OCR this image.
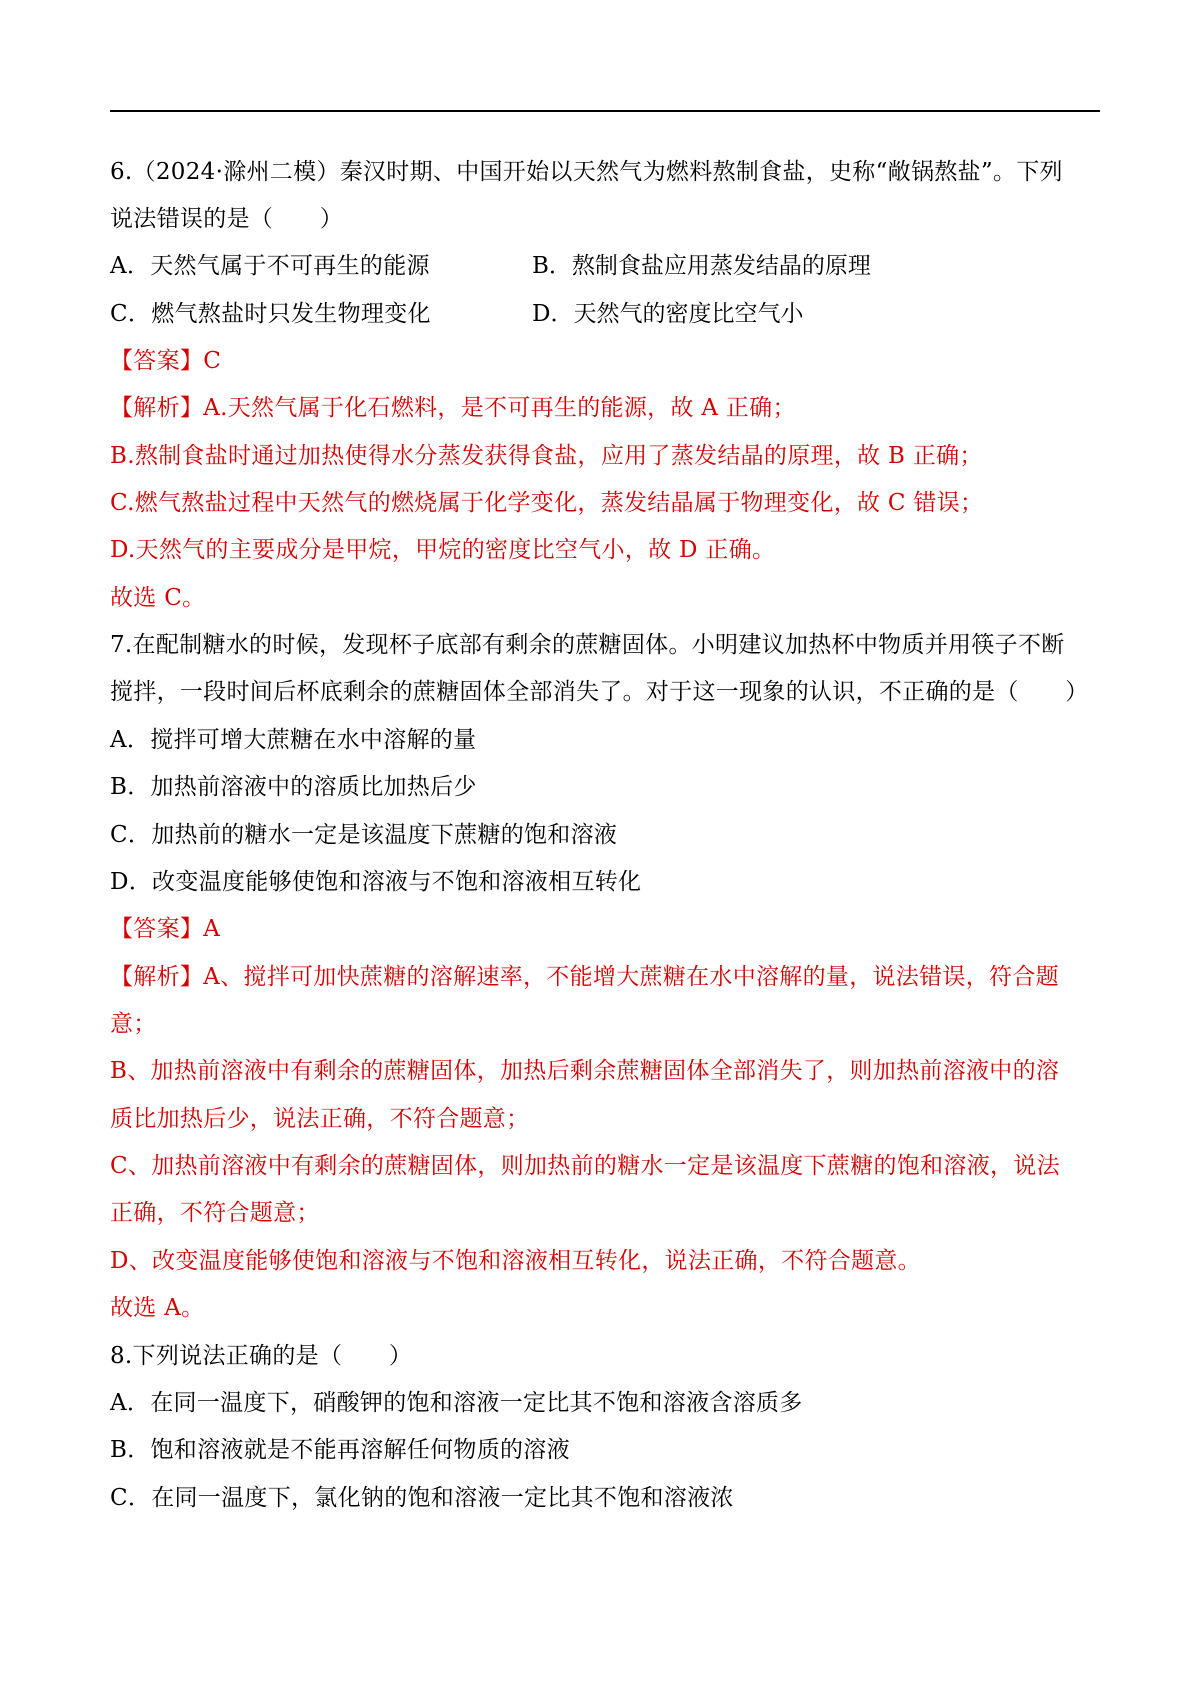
6.（2024·滁州二模）秦汉时期、中国开始以天然气为燃料熬制食盐，史称“敞锅熬盐”。下列
说法错误的是（　　）
A．天然气属于不可再生的能源	B．熬制食盐应用蒸发结晶的原理
C．燃气熬盐时只发生物理变化	D．天然气的密度比空气小
【答案】C
【解析】A.天然气属于化石燃料，是不可再生的能源，故 A 正确；
B.熬制食盐时通过加热使得水分蒸发获得食盐，应用了蒸发结晶的原理，故 B 正确；
C.燃气熬盐过程中天然气的燃烧属于化学变化，蒸发结晶属于物理变化，故 C 错误；
D.天然气的主要成分是甲烷，甲烷的密度比空气小，故 D 正确。
故选 C。
7.在配制糖水的时候，发现杯子底部有剩余的蔗糖固体。小明建议加热杯中物质并用筷子不断
搅拌，一段时间后杯底剩余的蔗糖固体全部消失了。对于这一现象的认识，不正确的是（　　）
A．搅拌可增大蔗糖在水中溶解的量
B．加热前溶液中的溶质比加热后少
C．加热前的糖水一定是该温度下蔗糖的饱和溶液
D．改变温度能够使饱和溶液与不饱和溶液相互转化
【答案】A
【解析】A、搅拌可加快蔗糖的溶解速率，不能增大蔗糖在水中溶解的量，说法错误，符合题
意；
B、加热前溶液中有剩余的蔗糖固体，加热后剩余蔗糖固体全部消失了，则加热前溶液中的溶
质比加热后少，说法正确，不符合题意；
C、加热前溶液中有剩余的蔗糖固体，则加热前的糖水一定是该温度下蔗糖的饱和溶液，说法
正确，不符合题意；
D、改变温度能够使饱和溶液与不饱和溶液相互转化，说法正确，不符合题意。
故选 A。
8.下列说法正确的是（　　）
A．在同一温度下，硝酸钾的饱和溶液一定比其不饱和溶液含溶质多
B．饱和溶液就是不能再溶解任何物质的溶液
C．在同一温度下，氯化钠的饱和溶液一定比其不饱和溶液浓
